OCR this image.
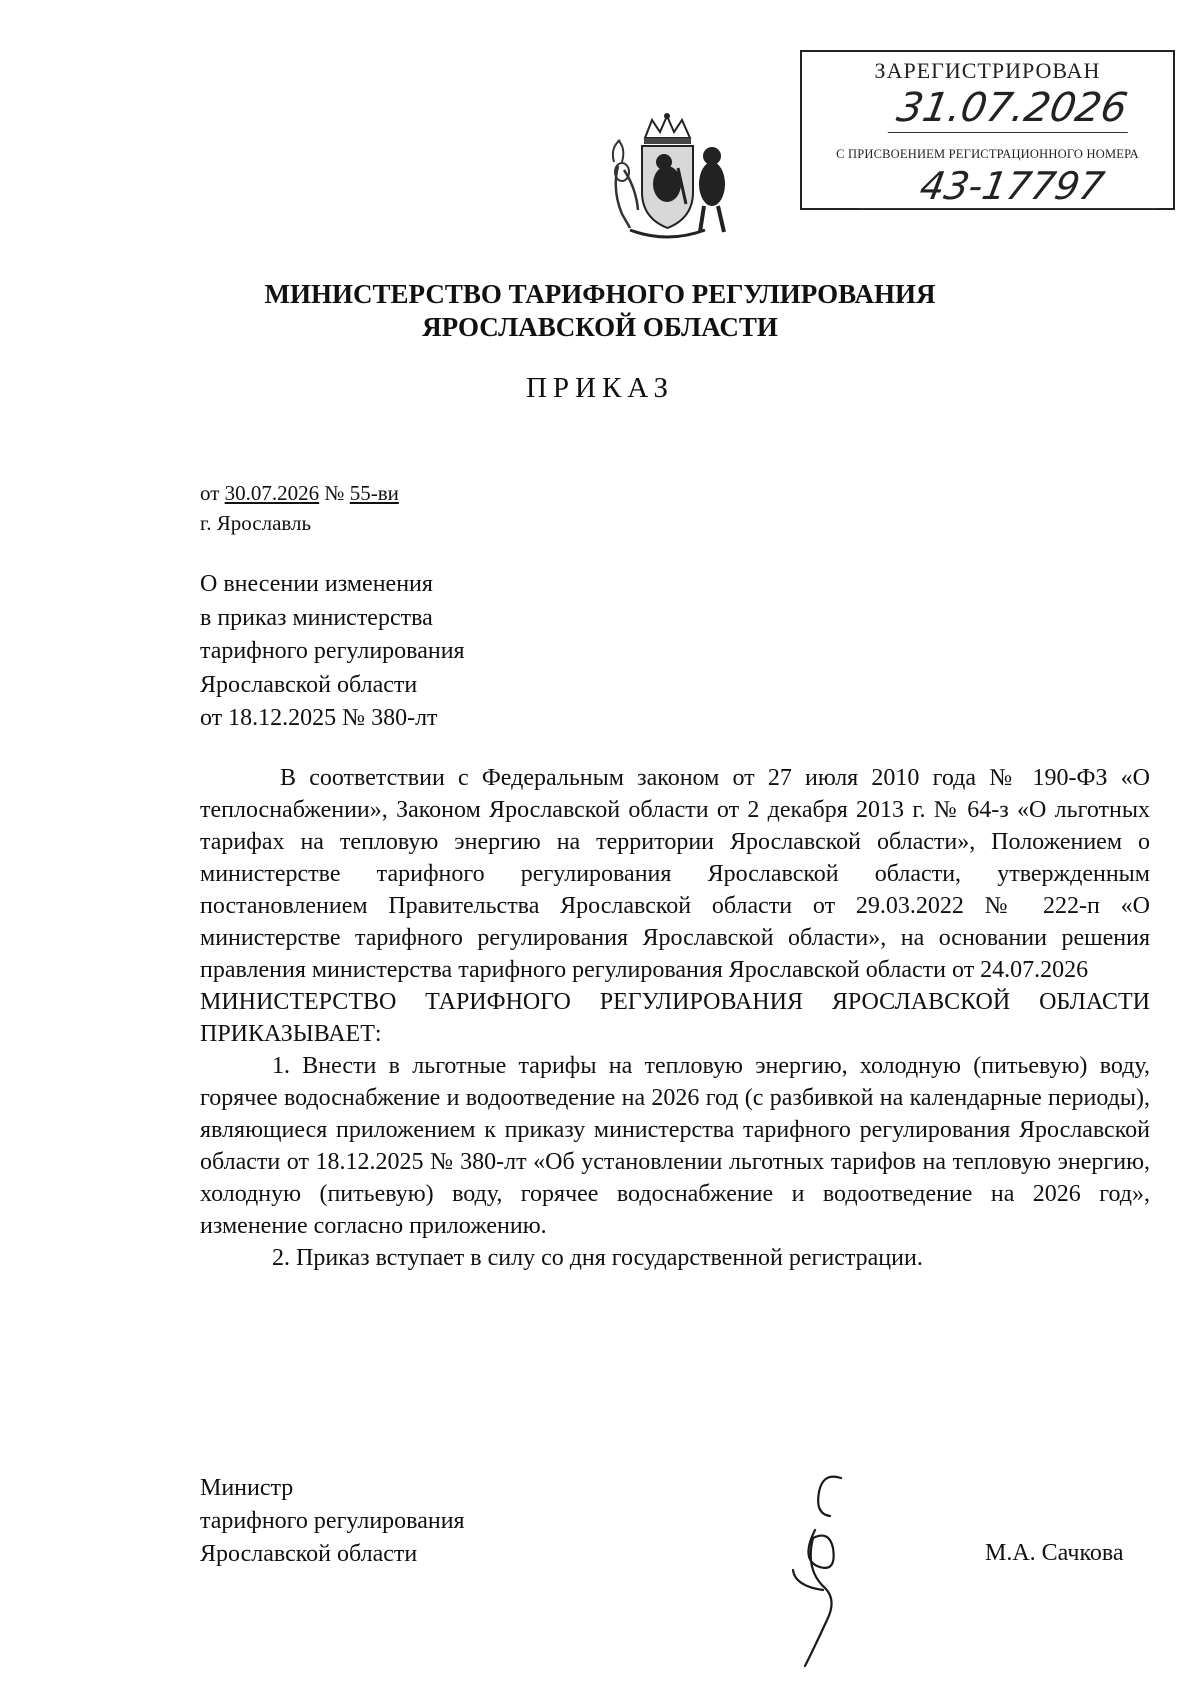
ЗАРЕГИСТРИРОВАН
31.07.2026
С ПРИСВОЕНИЕМ РЕГИСТРАЦИОННОГО НОМЕРА
43-17797
МИНИСТЕРСТВО ТАРИФНОГО РЕГУЛИРОВАНИЯ
ЯРОСЛАВСКОЙ ОБЛАСТИ
ПРИКАЗ
от 30.07.2026 № 55-ви
г. Ярославль
О внесении изменения
в приказ министерства
тарифного регулирования
Ярославской области
от 18.12.2025 № 380-лт

В соответствии с Федеральным законом от 27 июля 2010 года № 190-ФЗ «О теплоснабжении», Законом Ярославской области от 2 декабря 2013 г. № 64-з «О льготных тарифах на тепловую энергию на территории Ярославской области», Положением о министерстве тарифного регулирования Ярославской области, утвержденным постановлением Правительства Ярославской области от 29.03.2022 № 222-п «О министерстве тарифного регулирования Ярославской области», на основании решения правления министерства тарифного регулирования Ярославской области от 24.07.2026

МИНИСТЕРСТВО ТАРИФНОГО РЕГУЛИРОВАНИЯ ЯРОСЛАВСКОЙ ОБЛАСТИ ПРИКАЗЫВАЕТ:

1. Внести в льготные тарифы на тепловую энергию, холодную (питьевую) воду, горячее водоснабжение и водоотведение на 2026 год (с разбивкой на календарные периоды), являющиеся приложением к приказу министерства тарифного регулирования Ярославской области от 18.12.2025 № 380-лт «Об установлении льготных тарифов на тепловую энергию, холодную (питьевую) воду, горячее водоснабжение и водоотведение на 2026 год», изменение согласно приложению.

2. Приказ вступает в силу со дня государственной регистрации.

Министр
тарифного регулирования
Ярославской области	М.А. Сачкова
